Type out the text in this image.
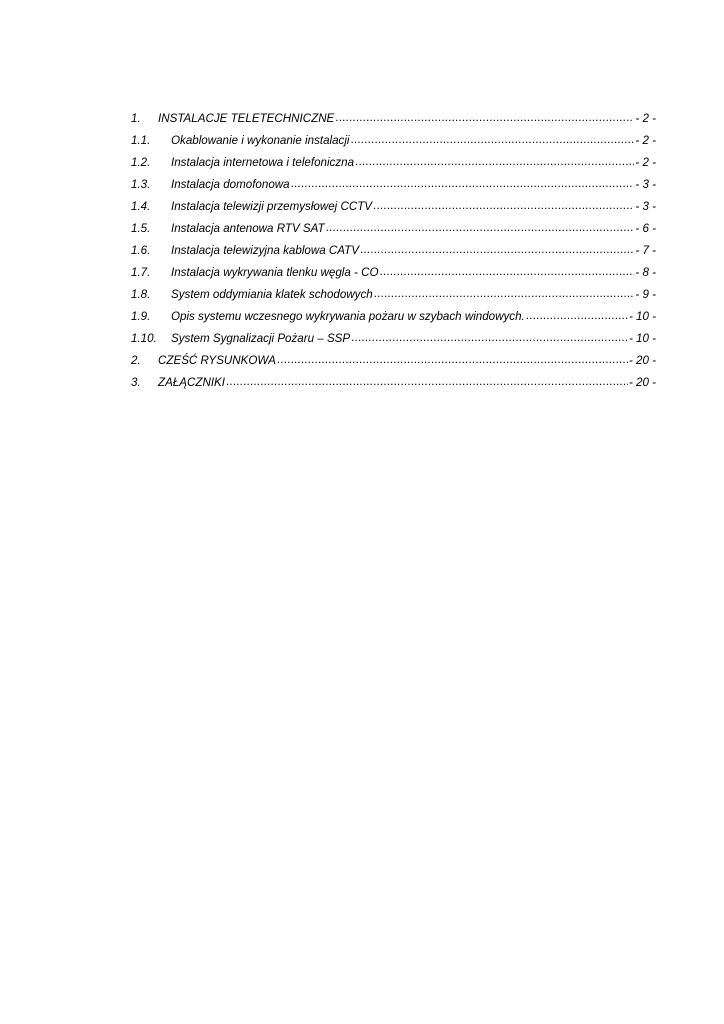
1.	INSTALACJE TELETECHNICZNE .....	- 2 -
1.1.	Okablowanie i wykonanie instalacji .....	- 2 -
1.2.	Instalacja internetowa i telefoniczna .....	- 2 -
1.3.	Instalacja domofonowa .....	- 3 -
1.4.	Instalacja telewizji przemysłowej CCTV .....	- 3 -
1.5.	Instalacja antenowa RTV SAT .....	- 6 -
1.6.	Instalacja telewizyjna kablowa CATV .....	- 7 -
1.7.	Instalacja wykrywania tlenku węgla - CO .....	- 8 -
1.8.	System oddymiania klatek schodowych .....	- 9 -
1.9.	Opis systemu wczesnego wykrywania pożaru w szybach windowych. .....	- 10 -
1.10.	System Sygnalizacji Pożaru – SSP .....	- 10 -
2.	CZEŚĆ RYSUNKOWA .....	- 20 -
3.	ZAŁĄCZNIKI .....	- 20 -
